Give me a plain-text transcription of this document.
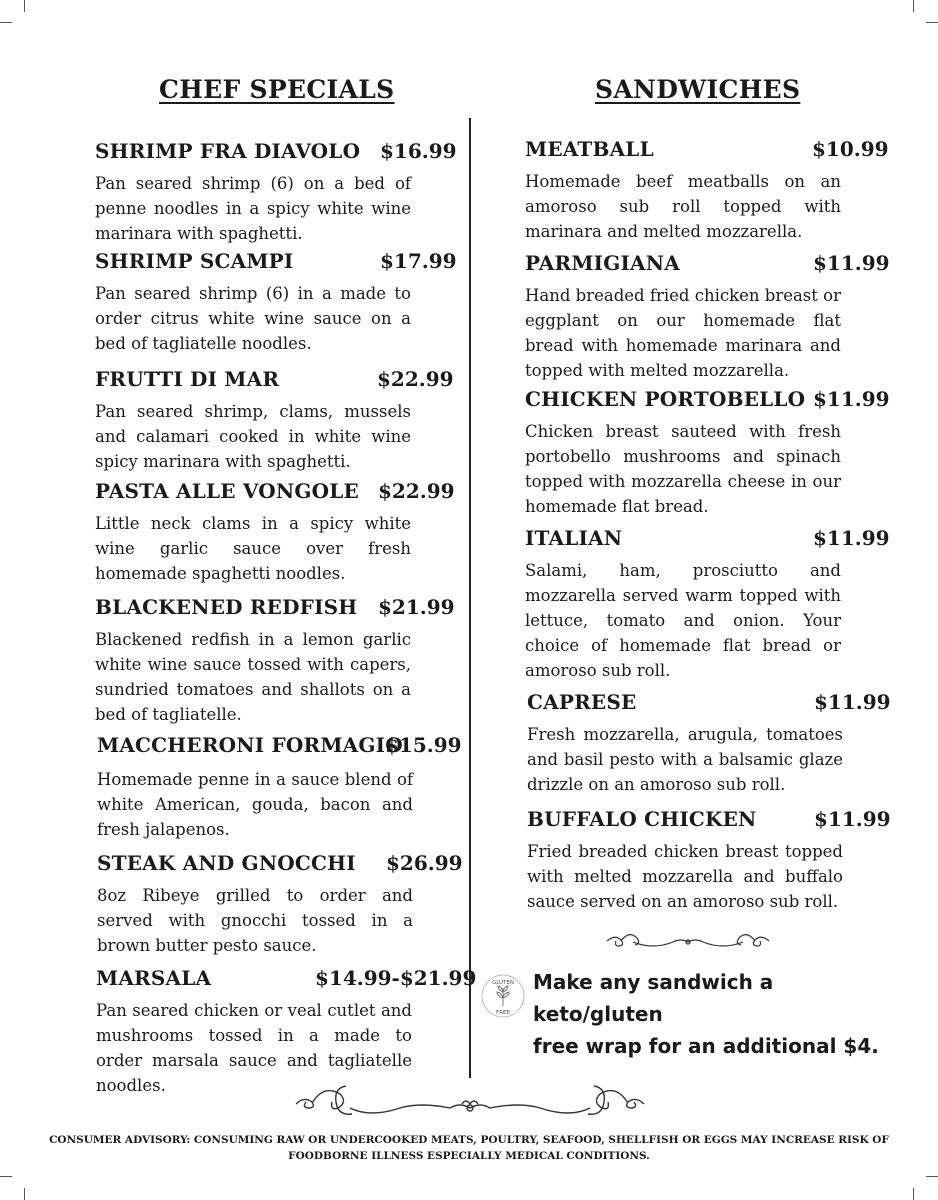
CHEF SPECIALS	SANDWICHES
SHRIMP FRA DIAVOLO $16.99
Pan seared shrimp (6) on a bed of penne noodles in a spicy white wine marinara with spaghetti.
SHRIMP SCAMPI	$17.99
Pan seared shrimp (6) in a made to order citrus white wine sauce on a bed of tagliatelle noodles.
FRUTTI DI MAR	$22.99
Pan seared shrimp, clams, mussels and calamari cooked in white wine spicy marinara with spaghetti.
PASTA ALLE VONGOLE $22.99
Little neck clams in a spicy white wine garlic sauce over fresh homemade spaghetti noodles.
BLACKENED REDFISH $21.99
Blackened redfish in a lemon garlic white wine sauce tossed with capers, sundried tomatoes and shallots on a bed of tagliatelle.
MACCHERONI FORMAGIO
$15.99
Homemade penne in a sauce blend of white American, gouda, bacon and fresh jalapenos.
STEAK AND GNOCCHI $26.99
8oz Ribeye grilled to order and served with gnocchi tossed in a brown butter pesto sauce.
MARSALA	$14.99-$21.99
Pan seared chicken or veal cutlet and mushrooms tossed in a made to order marsala sauce and tagliatelle noodles.
MEATBALL	$10.99
Homemade beef meatballs on an amoroso sub roll topped with marinara and melted mozzarella.
PARMIGIANA	$11.99
Hand breaded fried chicken breast or eggplant on our homemade flat bread with homemade marinara and topped with melted mozzarella.
CHICKEN PORTOBELLO $11.99
Chicken breast sauteed with fresh portobello mushrooms and spinach topped with mozzarella cheese in our homemade flat bread.
ITALIAN	$11.99
Salami, ham, prosciutto and mozzarella served warm topped with lettuce, tomato and onion. Your choice of homemade flat bread or amoroso sub roll.
CAPRESE	$11.99
Fresh mozzarella, arugula, tomatoes and basil pesto with a balsamic glaze drizzle on an amoroso sub roll.
BUFFALO CHICKEN	$11.99
Fried breaded chicken breast topped with melted mozzarella and buffalo sauce served on an amoroso sub roll.
GLUTEN
FREE
Make any sandwich a keto/gluten
free wrap for an additional $4.
CONSUMER ADVISORY: CONSUMING RAW OR UNDERCOOKED MEATS, POULTRY, SEAFOOD, SHELLFISH OR EGGS MAY INCREASE RISK OF
FOODBORNE ILLNESS ESPECIALLY MEDICAL CONDITIONS.
